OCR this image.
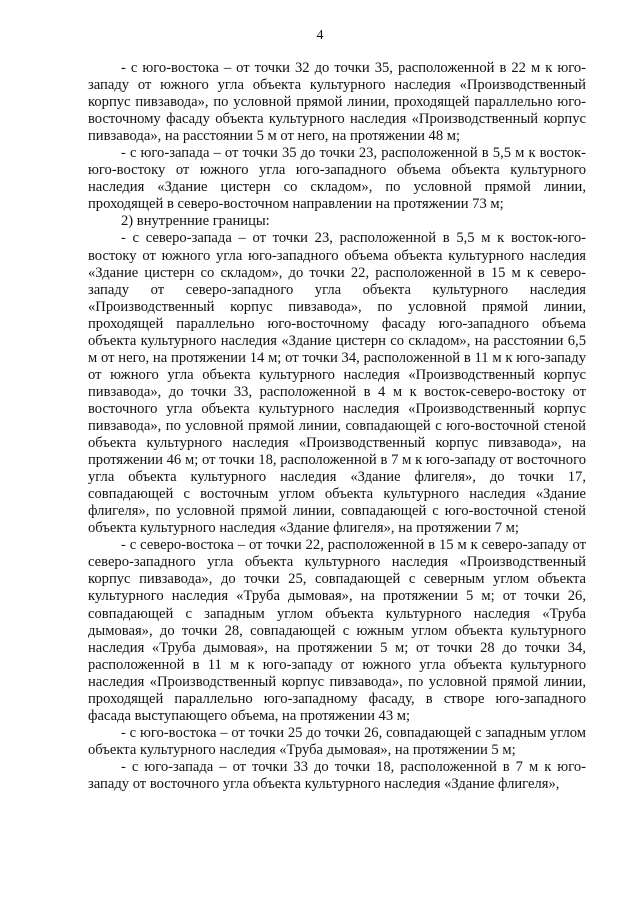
4

- с юго-востока – от точки 32 до точки 35, расположенной в 22 м к юго-западу от южного угла объекта культурного наследия «Производственный корпус пивзавода», по условной прямой линии, проходящей параллельно юго-восточному фасаду объекта культурного наследия «Производственный корпус пивзавода», на расстоянии 5 м от него, на протяжении 48 м;

- с юго-запада – от точки 35 до точки 23, расположенной в 5,5 м к восток-юго-востоку от южного угла юго-западного объема объекта культурного наследия «Здание цистерн со складом», по условной прямой линии, проходящей в северо-восточном направлении на протяжении 73 м;

2) внутренние границы:

- с северо-запада – от точки 23, расположенной в 5,5 м к восток-юго-востоку от южного угла юго-западного объема объекта культурного наследия «Здание цистерн со складом», до точки 22, расположенной в 15 м к северо-западу от северо-западного угла объекта культурного наследия «Производственный корпус пивзавода», по условной прямой линии, проходящей параллельно юго-восточному фасаду юго-западного объема объекта культурного наследия «Здание цистерн со складом», на расстоянии 6,5 м от него, на протяжении 14 м; от точки 34, расположенной в 11 м к юго-западу от южного угла объекта культурного наследия «Производственный корпус пивзавода», до точки 33, расположенной в 4 м к восток-северо-востоку от восточного угла объекта культурного наследия «Производственный корпус пивзавода», по условной прямой линии, совпадающей с юго-восточной стеной объекта культурного наследия «Производственный корпус пивзавода», на протяжении 46 м; от точки 18, расположенной в 7 м к юго-западу от восточного угла объекта культурного наследия «Здание флигеля», до точки 17, совпадающей с восточным углом объекта культурного наследия «Здание флигеля», по условной прямой линии, совпадающей с юго-восточной стеной объекта культурного наследия «Здание флигеля», на протяжении 7 м;

- с северо-востока – от точки 22, расположенной в 15 м к северо-западу от северо-западного угла объекта культурного наследия «Производственный корпус пивзавода», до точки 25, совпадающей с северным углом объекта культурного наследия «Труба дымовая», на протяжении 5 м; от точки 26, совпадающей с западным углом объекта культурного наследия «Труба дымовая», до точки 28, совпадающей с южным углом объекта культурного наследия «Труба дымовая», на протяжении 5 м; от точки 28 до точки 34, расположенной в 11 м к юго-западу от южного угла объекта культурного наследия «Производственный корпус пивзавода», по условной прямой линии, проходящей параллельно юго-западному фасаду, в створе юго-западного фасада выступающего объема, на протяжении 43 м;

- с юго-востока – от точки 25 до точки 26, совпадающей с западным углом объекта культурного наследия «Труба дымовая», на протяжении 5 м;

- с юго-запада – от точки 33 до точки 18, расположенной в 7 м к юго-западу от восточного угла объекта культурного наследия «Здание флигеля»,
